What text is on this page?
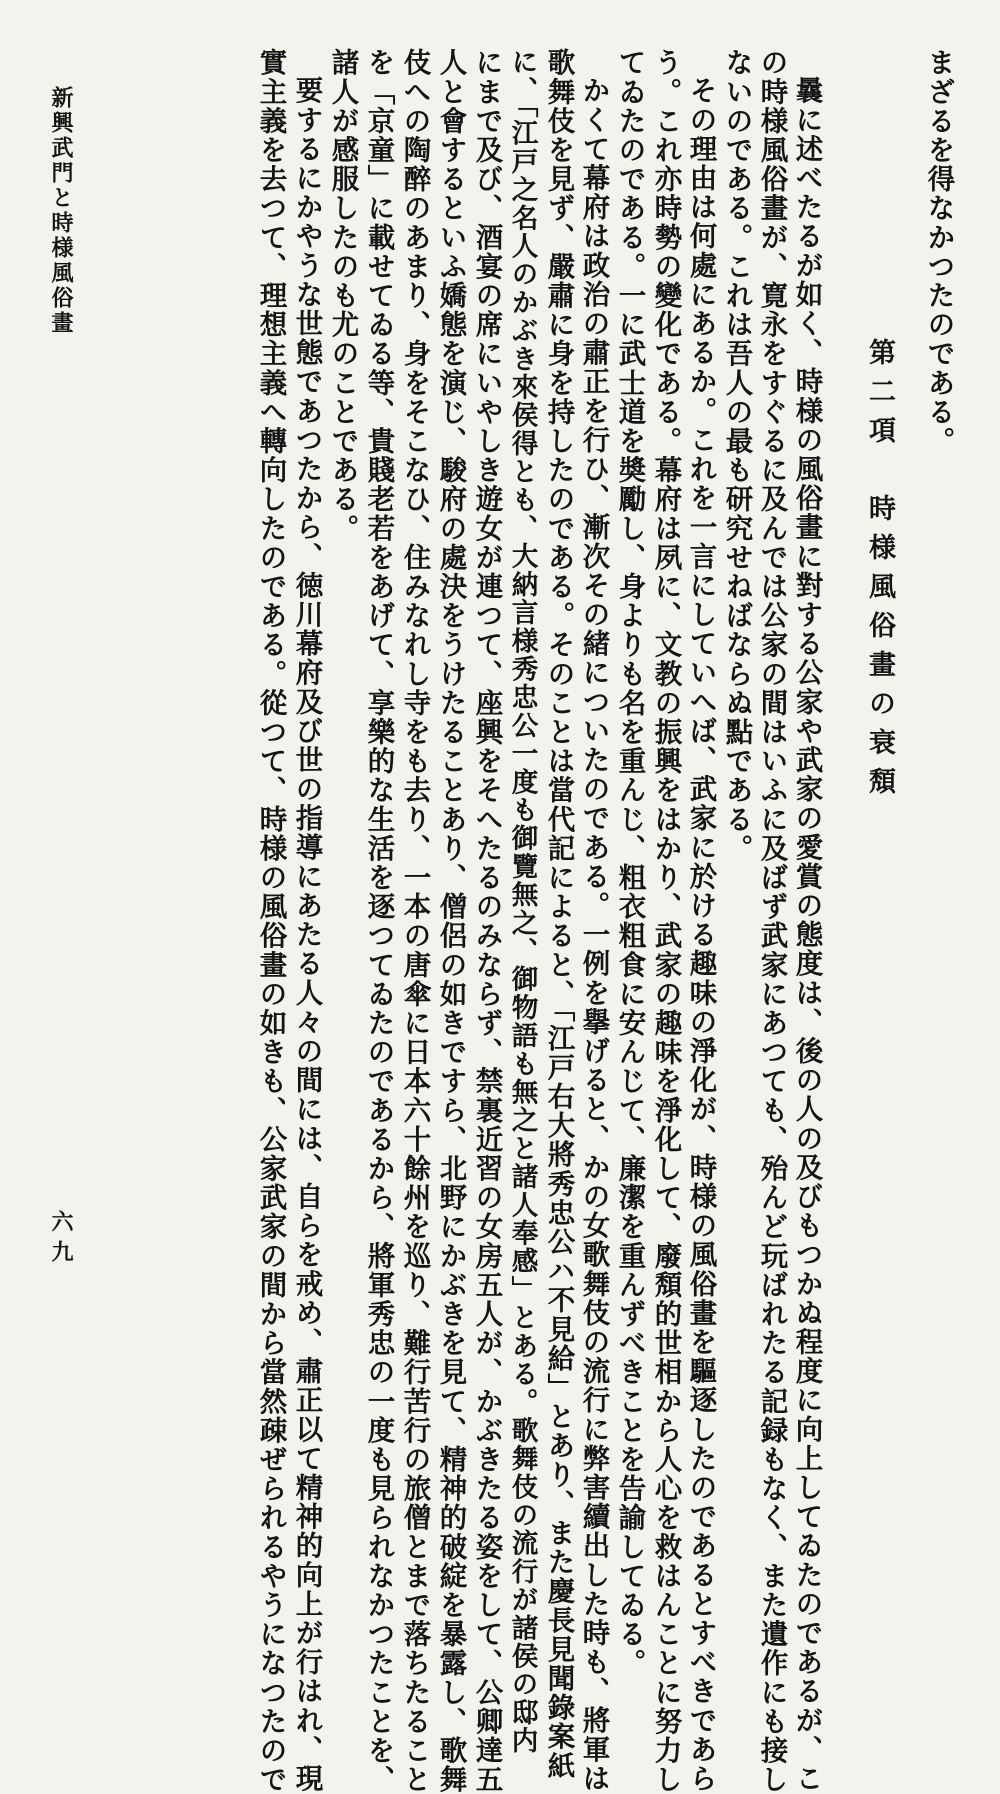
第二項　時様風俗畫の衰頽
まざるを得なかつたのである。
曩に述べたるが如く、時様の風俗畫に對する公家や武家の愛賞の態度は、後の人の及びもつかぬ程度に向上してゐたのであるが、こ
の時様風俗畫が、寛永をすぐるに及んでは公家の間はいふに及ばず武家にあつても、殆んど玩ばれたる記録もなく、また遺作にも接し
ないのである。これは吾人の最も研究せねばならぬ點である。
その理由は何處にあるか。これを一言にしていへば、武家に於ける趣味の淨化が、時様の風俗畫を驅逐したのであるとすべきであら
う。これ亦時勢の變化である。幕府は夙に、文教の振興をはかり、武家の趣味を淨化して、廢頽的世相から人心を救はんことに努力し
てゐたのである。一に武士道を奬勵し、身よりも名を重んじ、粗衣粗食に安んじて、廉潔を重んずべきことを告諭してゐる。
かくて幕府は政治の肅正を行ひ、漸次その緒についたのである。一例を擧げると、かの女歌舞伎の流行に弊害續出した時も、將軍は
歌舞伎を見ず、嚴肅に身を持したのである。そのことは當代記によると、「江戸右大將秀忠公ハ不見給」とあり、また慶長見聞錄案紙
に、「江戸之名人のかぶき來侯得とも、大納言様秀忠公一度も御覽無之、御物語も無之と諸人奉感」とある。歌舞伎の流行が諸侯の邸内
にまで及び、酒宴の席にいやしき遊女が連つて、座興をそへたるのみならず、禁裏近習の女房五人が、かぶきたる姿をして、公卿達五
人と會するといふ嬌態を演じ、駿府の處決をうけたることあり、僧侶の如きですら、北野にかぶきを見て、精神的破綻を暴露し、歌舞
伎への陶醉のあまり、身をそこなひ、住みなれし寺をも去り、一本の唐傘に日本六十餘州を巡り、難行苦行の旅僧とまで落ちたること
を「京童」に載せてゐる等、貴賤老若をあげて、享樂的な生活を逐つてゐたのであるから、將軍秀忠の一度も見られなかつたことを、
諸人が感服したのも尤のことである。
要するにかやうな世態であつたから、徳川幕府及び世の指導にあたる人々の間には、自らを戒め、肅正以て精神的向上が行はれ、現
實主義を去つて、理想主義へ轉向したのである。從つて、時様の風俗畫の如きも、公家武家の間から當然疎ぜられるやうになつたので
新興武門と時様風俗畫
六九
